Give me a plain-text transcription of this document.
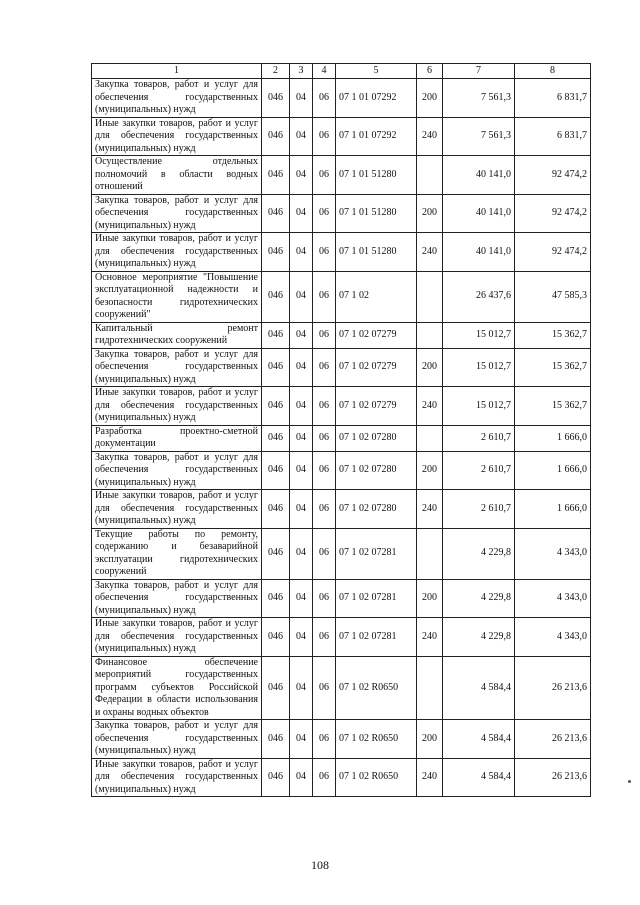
1	2	3	4	5	6	7	8
Закупка товаров, работ и услуг для обеспечения государственных (муниципальных) нужд	046	04	06	07 1 01 07292	200	7 561,3	6 831,7
Иные закупки товаров, работ и услуг для обеспечения государственных (муниципальных) нужд	046	04	06	07 1 01 07292	240	7 561,3	6 831,7
Осуществление отдельных полномочий в области водных отношений	046	04	06	07 1 01 51280		40 141,0	92 474,2
Закупка товаров, работ и услуг для обеспечения государственных (муниципальных) нужд	046	04	06	07 1 01 51280	200	40 141,0	92 474,2
Иные закупки товаров, работ и услуг для обеспечения государственных (муниципальных) нужд	046	04	06	07 1 01 51280	240	40 141,0	92 474,2
Основное мероприятие "Повышение эксплуатационной надежности и безопасности гидротехнических сооружений"	046	04	06	07 1 02		26 437,6	47 585,3
Капитальный ремонт гидротехнических сооружений	046	04	06	07 1 02 07279		15 012,7	15 362,7
Закупка товаров, работ и услуг для обеспечения государственных (муниципальных) нужд	046	04	06	07 1 02 07279	200	15 012,7	15 362,7
Иные закупки товаров, работ и услуг для обеспечения государственных (муниципальных) нужд	046	04	06	07 1 02 07279	240	15 012,7	15 362,7
Разработка проектно-сметной документации	046	04	06	07 1 02 07280		2 610,7	1 666,0
Закупка товаров, работ и услуг для обеспечения государственных (муниципальных) нужд	046	04	06	07 1 02 07280	200	2 610,7	1 666,0
Иные закупки товаров, работ и услуг для обеспечения государственных (муниципальных) нужд	046	04	06	07 1 02 07280	240	2 610,7	1 666,0
Текущие работы по ремонту, содержанию и безаварийной эксплуатации гидротехнических сооружений	046	04	06	07 1 02 07281		4 229,8	4 343,0
Закупка товаров, работ и услуг для обеспечения государственных (муниципальных) нужд	046	04	06	07 1 02 07281	200	4 229,8	4 343,0
Иные закупки товаров, работ и услуг для обеспечения государственных (муниципальных) нужд	046	04	06	07 1 02 07281	240	4 229,8	4 343,0
Финансовое обеспечение мероприятий государственных программ субъектов Российской Федерации в области использования и охраны водных объектов	046	04	06	07 1 02 R0650		4 584,4	26 213,6
Закупка товаров, работ и услуг для обеспечения государственных (муниципальных) нужд	046	04	06	07 1 02 R0650	200	4 584,4	26 213,6
Иные закупки товаров, работ и услуг для обеспечения государственных (муниципальных) нужд	046	04	06	07 1 02 R0650	240	4 584,4	26 213,6
108
